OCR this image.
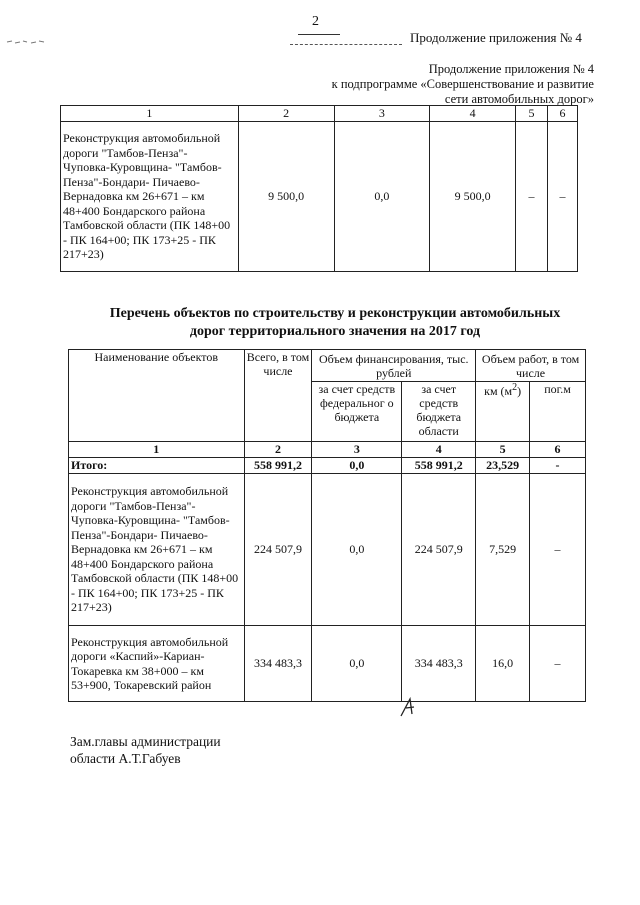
2
Продолжение приложения № 4
Продолжение приложения № 4
к подпрограмме «Совершенствование и развитие
сети автомобильных дорог»
1	2	3	4	5	6
Реконструкция автомобильной дороги "Тамбов-Пенза"- Чуповка-Куровщина- "Тамбов-Пенза"-Бондари- Пичаево-Вернадовка км 26+671 – км 48+400 Бондарского района Тамбовской области (ПК 148+00 - ПК 164+00; ПК 173+25 - ПК 217+23)	9 500,0	0,0	9 500,0	–	–
Перечень объектов по строительству и реконструкции автомобильных
дорог территориального значения на 2017 год
Наименование объектов	Всего, в том числе	Объем финансирования, тыс. рублей		Объем работ, в том числе	
		за счет средств федеральног о бюджета	за счет средств бюджета области	км $(м^2)$	пог.м
1	2	3	4	5	6
Итого:	558 991,2	0,0	558 991,2	23,529	-
Реконструкция автомобильной дороги "Тамбов-Пенза"- Чуповка-Куровщина- "Тамбов-Пенза"-Бондари- Пичаево-Вернадовка км 26+671 – км 48+400 Бондарского района Тамбовской области (ПК 148+00 - ПК 164+00; ПК 173+25 - ПК 217+23)	224 507,9	0,0	224 507,9	7,529	–
Реконструкция автомобильной дороги «Каспий»-Кариан-Токаревка км 38+000 – км 53+900, Токаревский район	334 483,3	0,0	334 483,3	16,0	–
Зам.главы администрации
области А.Т.Габуев
